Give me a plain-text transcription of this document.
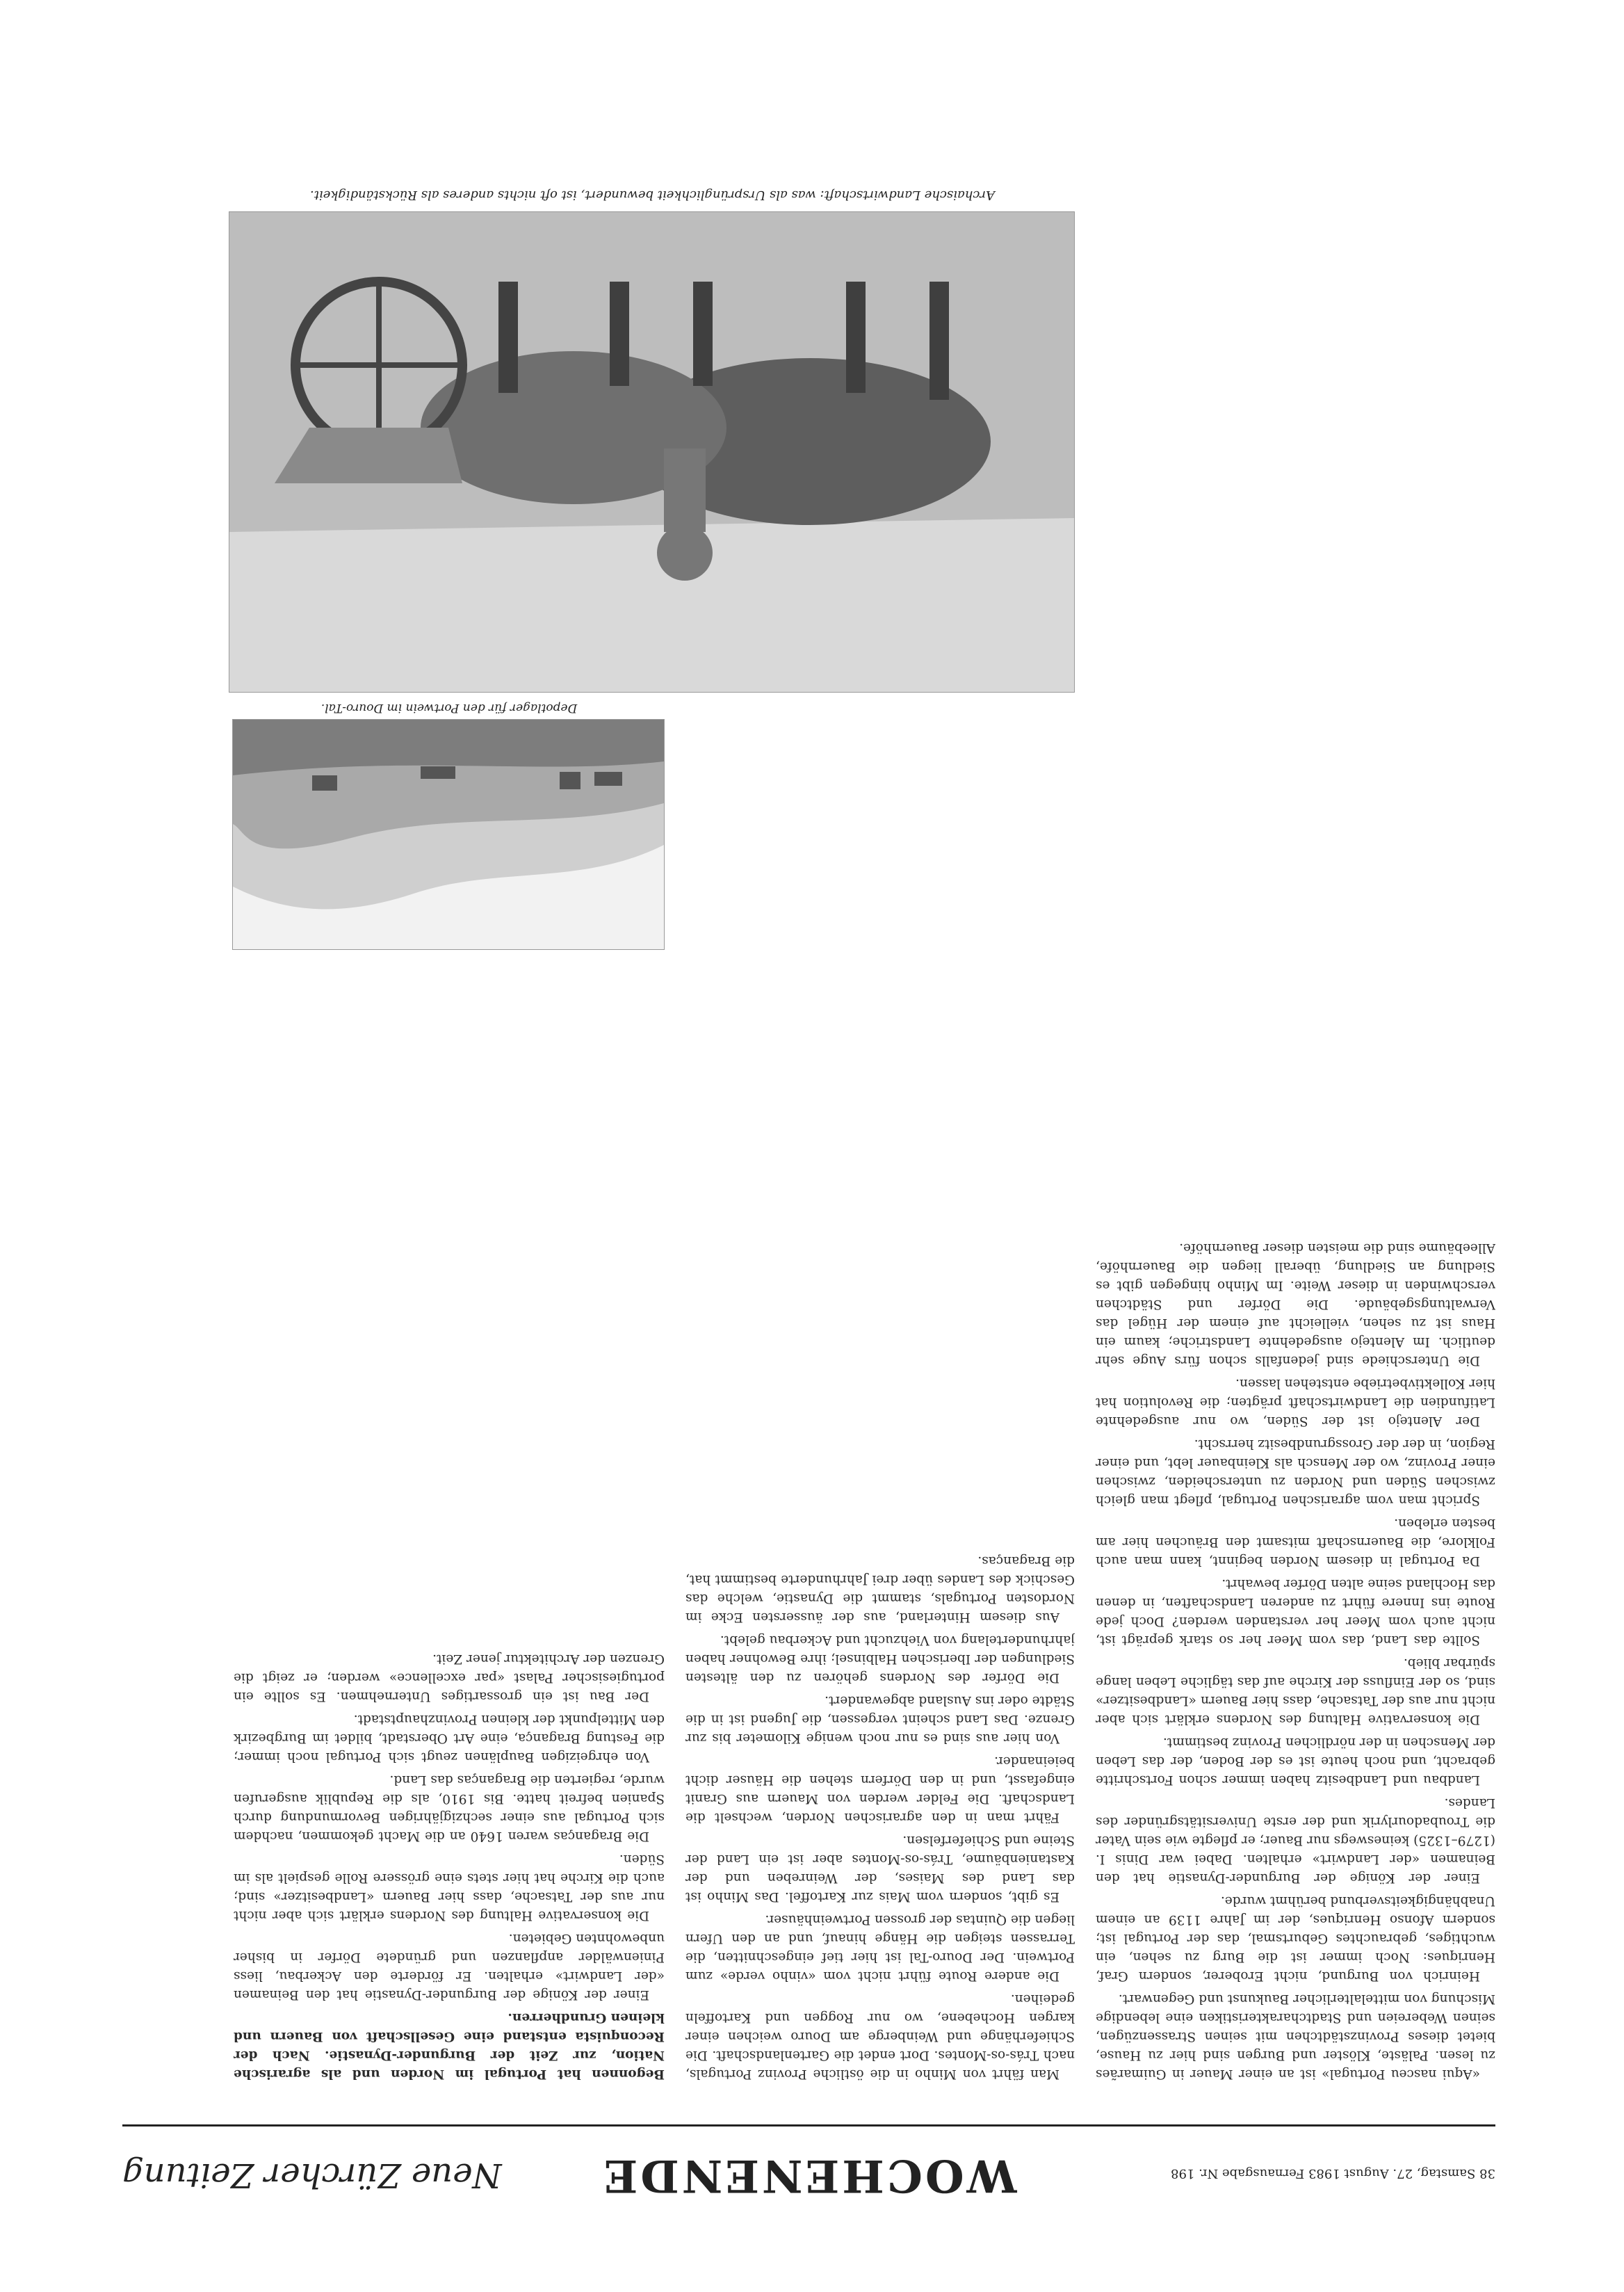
38 Samstag, 27. August 1983 Fernausgabe Nr. 198
WOCHENENDE
Neue Zürcher Zeitung

«Aqui nasceu Portugal» ist an einer Mauer in Guimarães zu lesen. Paläste, Klöster und Burgen sind hier zu Hause, bietet dieses Provinzstädtchen mit seinen Strassenzügen, seinen Webereien und Stadtcharakteristiken eine lebendige Mischung von mittelalterlicher Baukunst und Gegenwart.

Heinrich von Burgund, nicht Eroberer, sondern Graf, Henriques: Noch immer ist die Burg zu sehen, ein wuchtiges, gebrauchtes Geburtsmal, das der Portugal ist; sondern Afonso Henriques, der im Jahre 1139 an einem Unabhängigkeitsverbund berühmt wurde.

Einer der Könige der Burgunder-Dynastie hat den Beinamen «der Landwirt» erhalten. Dabei war Dinis I. (1279–1325) keineswegs nur Bauer; er pflegte wie sein Vater die Troubadourlyrik und der erste Universitätsgründer des Landes.

Landbau und Landbesitz haben immer schon Fortschritte gebracht, und noch heute ist es der Boden, der das Leben der Menschen in der nördlichen Provinz bestimmt.

Die konservative Haltung des Nordens erklärt sich aber nicht nur aus der Tatsache, dass hier Bauern «Landbesitzer» sind, so der Einfluss der Kirche auf das tägliche Leben lange spürbar blieb.

Sollte das Land, das vom Meer her so stark geprägt ist, nicht auch vom Meer her verstanden werden? Doch jede Route ins Innere führt zu anderen Landschaften, in denen das Hochland seine alten Dörfer bewahrt.

Da Portugal in diesem Norden beginnt, kann man auch Folklore, die Bauernschaft mitsamt den Bräuchen hier am besten erleben.

Spricht man vom agrarischen Portugal, pflegt man gleich zwischen Süden und Norden zu unterscheiden, zwischen einer Provinz, wo der Mensch als Kleinbauer lebt, und einer Region, in der der Grossgrundbesitz herrscht.

Der Alentejo ist der Süden, wo nur ausgedehnte Latifundien die Landwirtschaft prägten; die Revolution hat hier Kollektivbetriebe entstehen lassen.

Die Unterschiede sind jedenfalls schon fürs Auge sehr deutlich. Im Alentejo ausgedehnte Landstriche; kaum ein Haus ist zu sehen, vielleicht auf einem der Hügel das Verwaltungsgebäude. Die Dörfer und Städtchen verschwinden in dieser Weite. Im Minho hingegen gibt es Siedlung an Siedlung, überall liegen die Bauernhöfe, Alleebäume sind die meisten dieser Bauernhöfe.

Man fährt von Minho in die östliche Provinz Portugals, nach Trás-os-Montes. Dort endet die Gartenlandschaft. Die Schieferhänge und Weinberge am Douro weichen einer kargen Hochebene, wo nur Roggen und Kartoffeln gedeihen.

Die andere Route führt nicht vom «vinho verde» zum Portwein. Der Douro-Tal ist hier tief eingeschnitten, die Terrassen steigen die Hänge hinauf, und an den Ufern liegen die Quintas der grossen Portweinhäuser.

Es gibt, sondern vom Mais zur Kartoffel. Das Minho ist das Land des Maises, der Weinreben und der Kastanienbäume, Trás-os-Montes aber ist ein Land der Steine und Schieferfelsen.

Fährt man in den agrarischen Norden, wechselt die Landschaft. Die Felder werden von Mauern aus Granit eingefasst, und in den Dörfern stehen die Häuser dicht beieinander.

Von hier aus sind es nur noch wenige Kilometer bis zur Grenze. Das Land scheint vergessen, die Jugend ist in die Städte oder ins Ausland abgewandert.

Die Dörfer des Nordens gehören zu den ältesten Siedlungen der Iberischen Halbinsel; ihre Bewohner haben jahrhundertelang von Viehzucht und Ackerbau gelebt.

Aus diesem Hinterland, aus der äussersten Ecke im Nordosten Portugals, stammt die Dynastie, welche das Geschick des Landes über drei Jahrhunderte bestimmt hat, die Braganças.

Begonnen hat Portugal im Norden und als agrarische Nation, zur Zeit der Burgunder-Dynastie. Nach der Reconquista entstand eine Gesellschaft von Bauern und kleinen Grundherren.

Einer der Könige der Burgunder-Dynastie hat den Beinamen «der Landwirt» erhalten. Er förderte den Ackerbau, liess Pinienwälder anpflanzen und gründete Dörfer in bisher unbewohnten Gebieten.

Die konservative Haltung des Nordens erklärt sich aber nicht nur aus der Tatsache, dass hier Bauern «Landbesitzer» sind; auch die Kirche hat hier stets eine grössere Rolle gespielt als im Süden.

Die Braganças waren 1640 an die Macht gekommen, nachdem sich Portugal aus einer sechzigjährigen Bevormundung durch Spanien befreit hatte. Bis 1910, als die Republik ausgerufen wurde, regierten die Braganças das Land.

Von ehrgeizigen Bauplänen zeugt sich Portugal noch immer; die Festung Bragança, eine Art Oberstadt, bildet im Burgbezirk den Mittelpunkt der kleinen Provinzhauptstadt.

Der Bau ist ein grossartiges Unternehmen. Es sollte ein portugiesischer Palast «par excellence» werden; er zeigt die Grenzen der Architektur jener Zeit.

Depotlager für den Portwein im Douro-Tal.

Archaische Landwirtschaft: was als Ursprünglichkeit bewundert, ist oft nichts anderes als Rückständigkeit.
